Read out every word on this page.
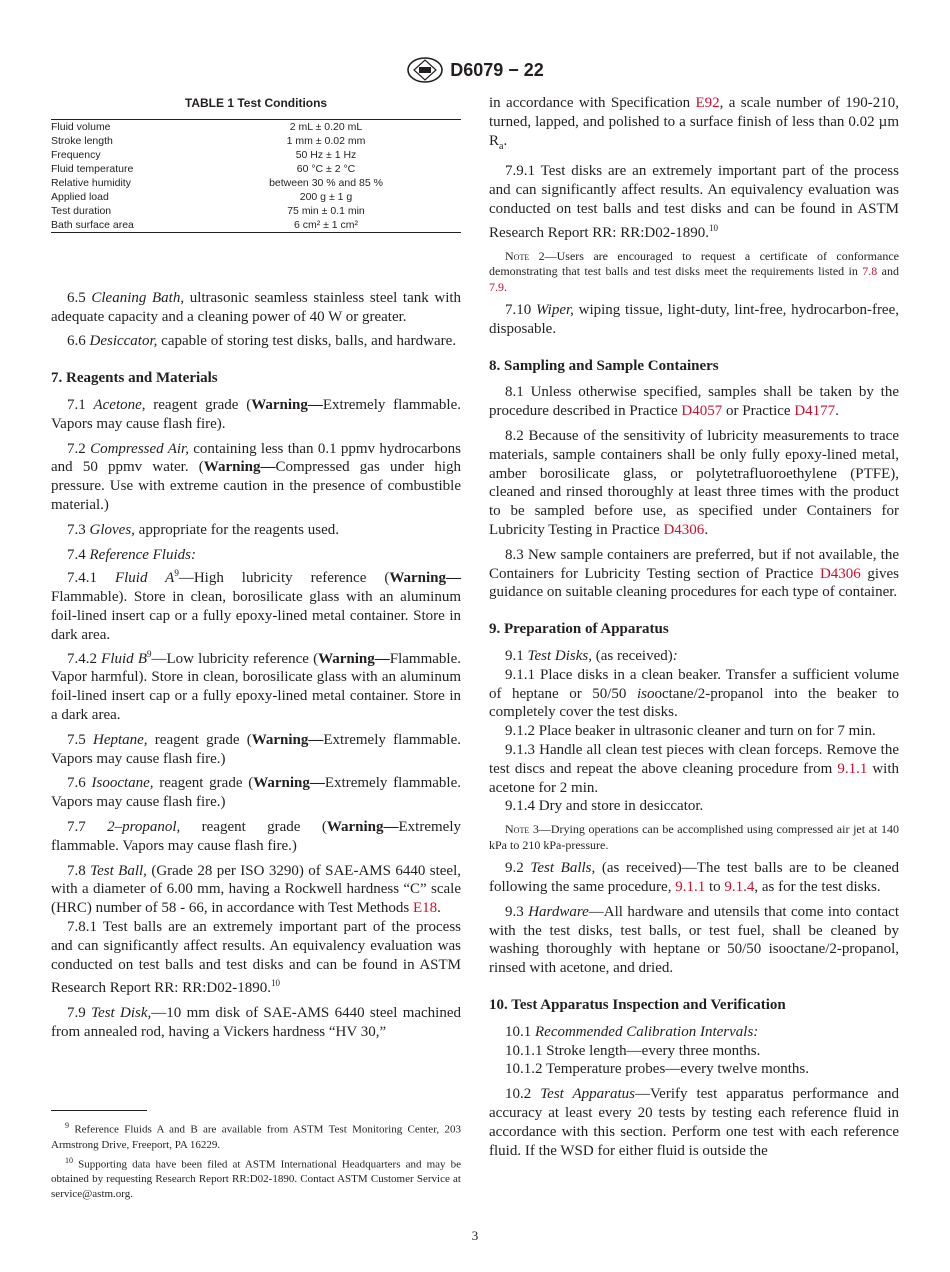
D6079 − 22
TABLE 1 Test Conditions
Fluid volume	2 mL ± 0.20 mL
Stroke length	1 mm ± 0.02 mm
Frequency	50 Hz ± 1 Hz
Fluid temperature	60 °C ± 2 °C
Relative humidity	between 30 % and 85 %
Applied load	200 g ± 1 g
Test duration	75 min ± 0.1 min
Bath surface area	6 cm² ± 1 cm²

6.5 Cleaning Bath, ultrasonic seamless stainless steel tank with adequate capacity and a cleaning power of 40 W or greater.

6.6 Desiccator, capable of storing test disks, balls, and hardware.

7. Reagents and Materials

7.1 Acetone, reagent grade (Warning—Extremely flammable. Vapors may cause flash fire).

7.2 Compressed Air, containing less than 0.1 ppmv hydrocarbons and 50 ppmv water. (Warning—Compressed gas under high pressure. Use with extreme caution in the presence of combustible material.)

7.3 Gloves, appropriate for the reagents used.

7.4 Reference Fluids:

7.4.1 Fluid $A^9—High$ lubricity reference (Warning—Flammable). Store in clean, borosilicate glass with an aluminum foil-lined insert cap or a fully epoxy-lined metal container. Store in dark area.

7.4.2 Fluid $B^9—Low$ lubricity reference (Warning—Flammable. Vapor harmful). Store in clean, borosilicate glass with an aluminum foil-lined insert cap or a fully epoxy-lined metal container. Store in a dark area.

7.5 Heptane, reagent grade (Warning—Extremely flammable. Vapors may cause flash fire.)

7.6 Isooctane, reagent grade (Warning—Extremely flammable. Vapors may cause flash fire.)

7.7 2–propanol, reagent grade (Warning—Extremely flammable. Vapors may cause flash fire.)

7.8 Test Ball, (Grade 28 per ISO 3290) of SAE-AMS 6440 steel, with a diameter of 6.00 mm, having a Rockwell hardness “C” scale (HRC) number of 58 - 66, in accordance with Test Methods E18.

7.8.1 Test balls are an extremely important part of the process and can significantly affect results. An equivalency evaluation was conducted on test balls and test disks and can be found in ASTM Research Report RR: RR:D02-1890.10

7.9 Test Disk,—10 mm disk of SAE-AMS 6440 steel machined from annealed rod, having a Vickers hardness “HV 30,”

in accordance with Specification E92, a scale number of 190-210, turned, lapped, and polished to a surface finish of less than 0.02 µm $R_a$.

7.9.1 Test disks are an extremely important part of the process and can significantly affect results. An equivalency evaluation was conducted on test balls and test disks and can be found in ASTM Research Report RR: RR:D02-1890.10

Note 2—Users are encouraged to request a certificate of conformance demonstrating that test balls and test disks meet the requirements listed in 7.8 and 7.9.

7.10 Wiper, wiping tissue, light-duty, lint-free, hydrocarbon-free, disposable.

8. Sampling and Sample Containers

8.1 Unless otherwise specified, samples shall be taken by the procedure described in Practice D4057 or Practice D4177.

8.2 Because of the sensitivity of lubricity measurements to trace materials, sample containers shall be only fully epoxy-lined metal, amber borosilicate glass, or polytetrafluoroethylene (PTFE), cleaned and rinsed thoroughly at least three times with the product to be sampled before use, as specified under Containers for Lubricity Testing in Practice D4306.

8.3 New sample containers are preferred, but if not available, the Containers for Lubricity Testing section of Practice D4306 gives guidance on suitable cleaning procedures for each type of container.

9. Preparation of Apparatus

9.1 Test Disks, (as received):

9.1.1 Place disks in a clean beaker. Transfer a sufficient volume of heptane or 50/50 isooctane/2-propanol into the beaker to completely cover the test disks.

9.1.2 Place beaker in ultrasonic cleaner and turn on for 7 min.

9.1.3 Handle all clean test pieces with clean forceps. Remove the test discs and repeat the above cleaning procedure from 9.1.1 with acetone for 2 min.

9.1.4 Dry and store in desiccator.

Note 3—Drying operations can be accomplished using compressed air jet at 140 kPa to 210 kPa-pressure.

9.2 Test Balls, (as received)—The test balls are to be cleaned following the same procedure, 9.1.1 to 9.1.4, as for the test disks.

9.3 Hardware—All hardware and utensils that come into contact with the test disks, test balls, or test fuel, shall be cleaned by washing thoroughly with heptane or 50/50 isooctane/2-propanol, rinsed with acetone, and dried.

10. Test Apparatus Inspection and Verification

10.1 Recommended Calibration Intervals:

10.1.1 Stroke length—every three months.

10.1.2 Temperature probes—every twelve months.

10.2 Test Apparatus—Verify test apparatus performance and accuracy at least every 20 tests by testing each reference fluid in accordance with this section. Perform one test with each reference fluid. If the WSD for either fluid is outside the

$^9$ Reference Fluids A and B are available from ASTM Test Monitoring Center, 203 Armstrong Drive, Freeport, PA 16229.

$^{10}$ Supporting data have been filed at ASTM International Headquarters and may be obtained by requesting Research Report RR:D02-1890. Contact ASTM Customer Service at service@astm.org.

3
